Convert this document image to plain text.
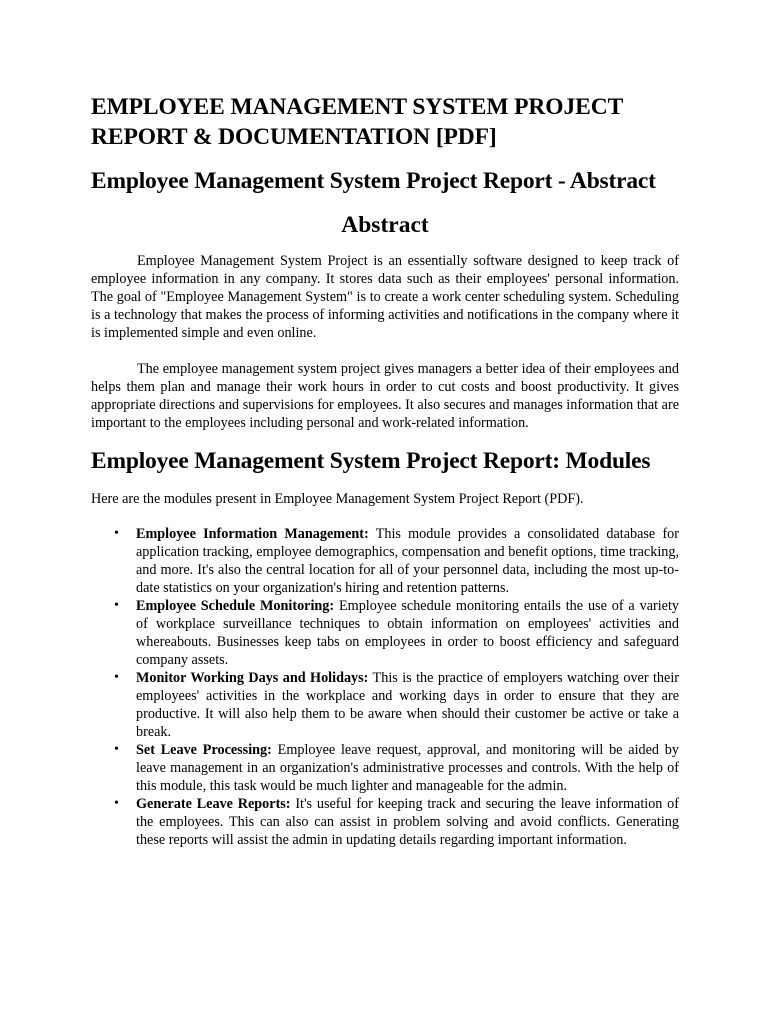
EMPLOYEE MANAGEMENT SYSTEM PROJECT REPORT & DOCUMENTATION [PDF]
Employee Management System Project Report - Abstract
Abstract

Employee Management System Project is an essentially software designed to keep track of employee information in any company. It stores data such as their employees' personal information. The goal of "Employee Management System" is to create a work center scheduling system. Scheduling is a technology that makes the process of informing activities and notifications in the company where it is implemented simple and even online.

The employee management system project gives managers a better idea of their employees and helps them plan and manage their work hours in order to cut costs and boost productivity. It gives appropriate directions and supervisions for employees. It also secures and manages information that are important to the employees including personal and work-related information.

Employee Management System Project Report: Modules

Here are the modules present in Employee Management System Project Report (PDF).

• Employee Information Management: This module provides a consolidated database for application tracking, employee demographics, compensation and benefit options, time tracking, and more. It's also the central location for all of your personnel data, including the most up-to-date statistics on your organization's hiring and retention patterns.
• Employee Schedule Monitoring: Employee schedule monitoring entails the use of a variety of workplace surveillance techniques to obtain information on employees' activities and whereabouts. Businesses keep tabs on employees in order to boost efficiency and safeguard company assets.
• Monitor Working Days and Holidays: This is the practice of employers watching over their employees' activities in the workplace and working days in order to ensure that they are productive. It will also help them to be aware when should their customer be active or take a break.
• Set Leave Processing: Employee leave request, approval, and monitoring will be aided by leave management in an organization's administrative processes and controls. With the help of this module, this task would be much lighter and manageable for the admin.
• Generate Leave Reports: It's useful for keeping track and securing the leave information of the employees. This can also can assist in problem solving and avoid conflicts. Generating these reports will assist the admin in updating details regarding important information.
